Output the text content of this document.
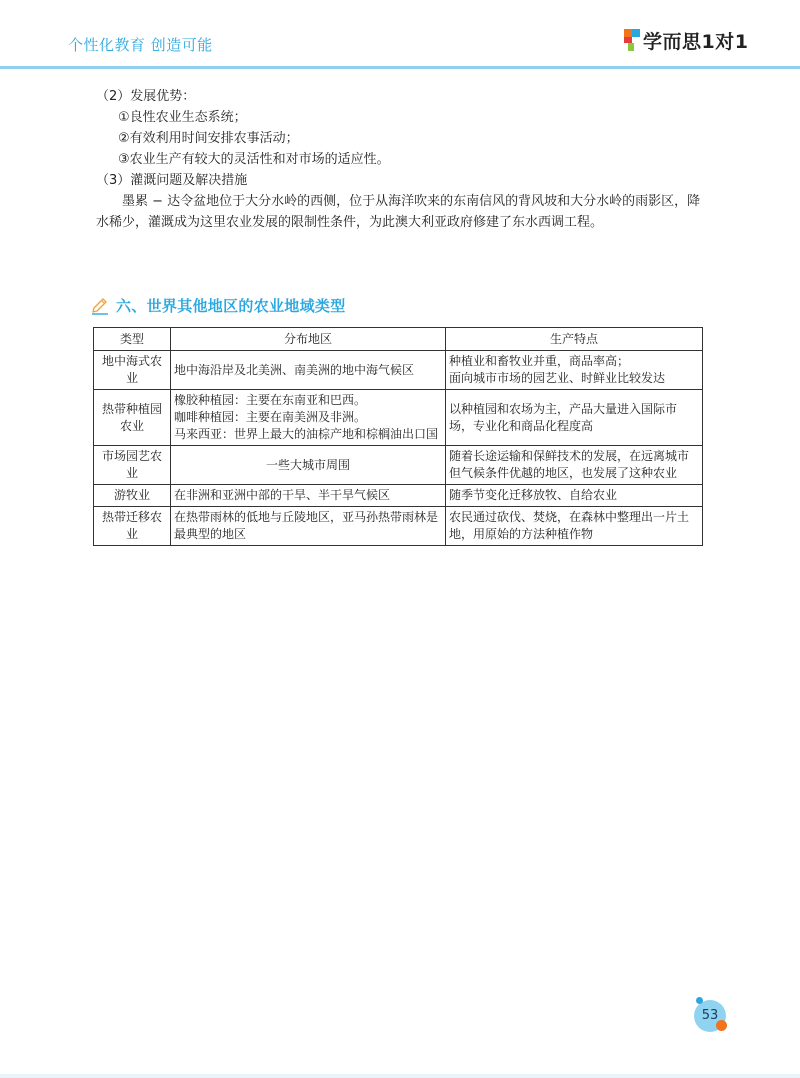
个性化教育 创造可能	学而思1对1

（2）发展优势：

①良性农业生态系统；

②有效利用时间安排农事活动；

③农业生产有较大的灵活性和对市场的适应性。

（3）灌溉问题及解决措施

墨累 − 达令盆地位于大分水岭的西侧，位于从海洋吹来的东南信风的背风坡和大分水岭的雨影区，降水稀少，灌溉成为这里农业发展的限制性条件，为此澳大利亚政府修建了东水西调工程。

六、世界其他地区的农业地域类型
类型	分布地区	生产特点
地中海式农业	地中海沿岸及北美洲、南美洲的地中海气候区	种植业和畜牧业并重，商品率高；
面向城市市场的园艺业、时鲜业比较发达

热带种植园农业	橡胶种植园：主要在东南亚和巴西。
咖啡种植园：主要在南美洲及非洲。
马来西亚：世界上最大的油棕产地和棕榈油出口国	以种植园和农场为主，产品大量进入国际市场，专业化和商品化程度高

市场园艺农业	一些大城市周围	随着长途运输和保鲜技术的发展，在远离城市但气候条件优越的地区，也发展了这种农业

游牧业	在非洲和亚洲中部的干旱、半干旱气候区	随季节变化迁移放牧、自给农业

热带迁移农业	在热带雨林的低地与丘陵地区，亚马孙热带雨林是最典型的地区	农民通过砍伐、焚烧，在森林中整理出一片土地，用原始的方法种植作物
53
